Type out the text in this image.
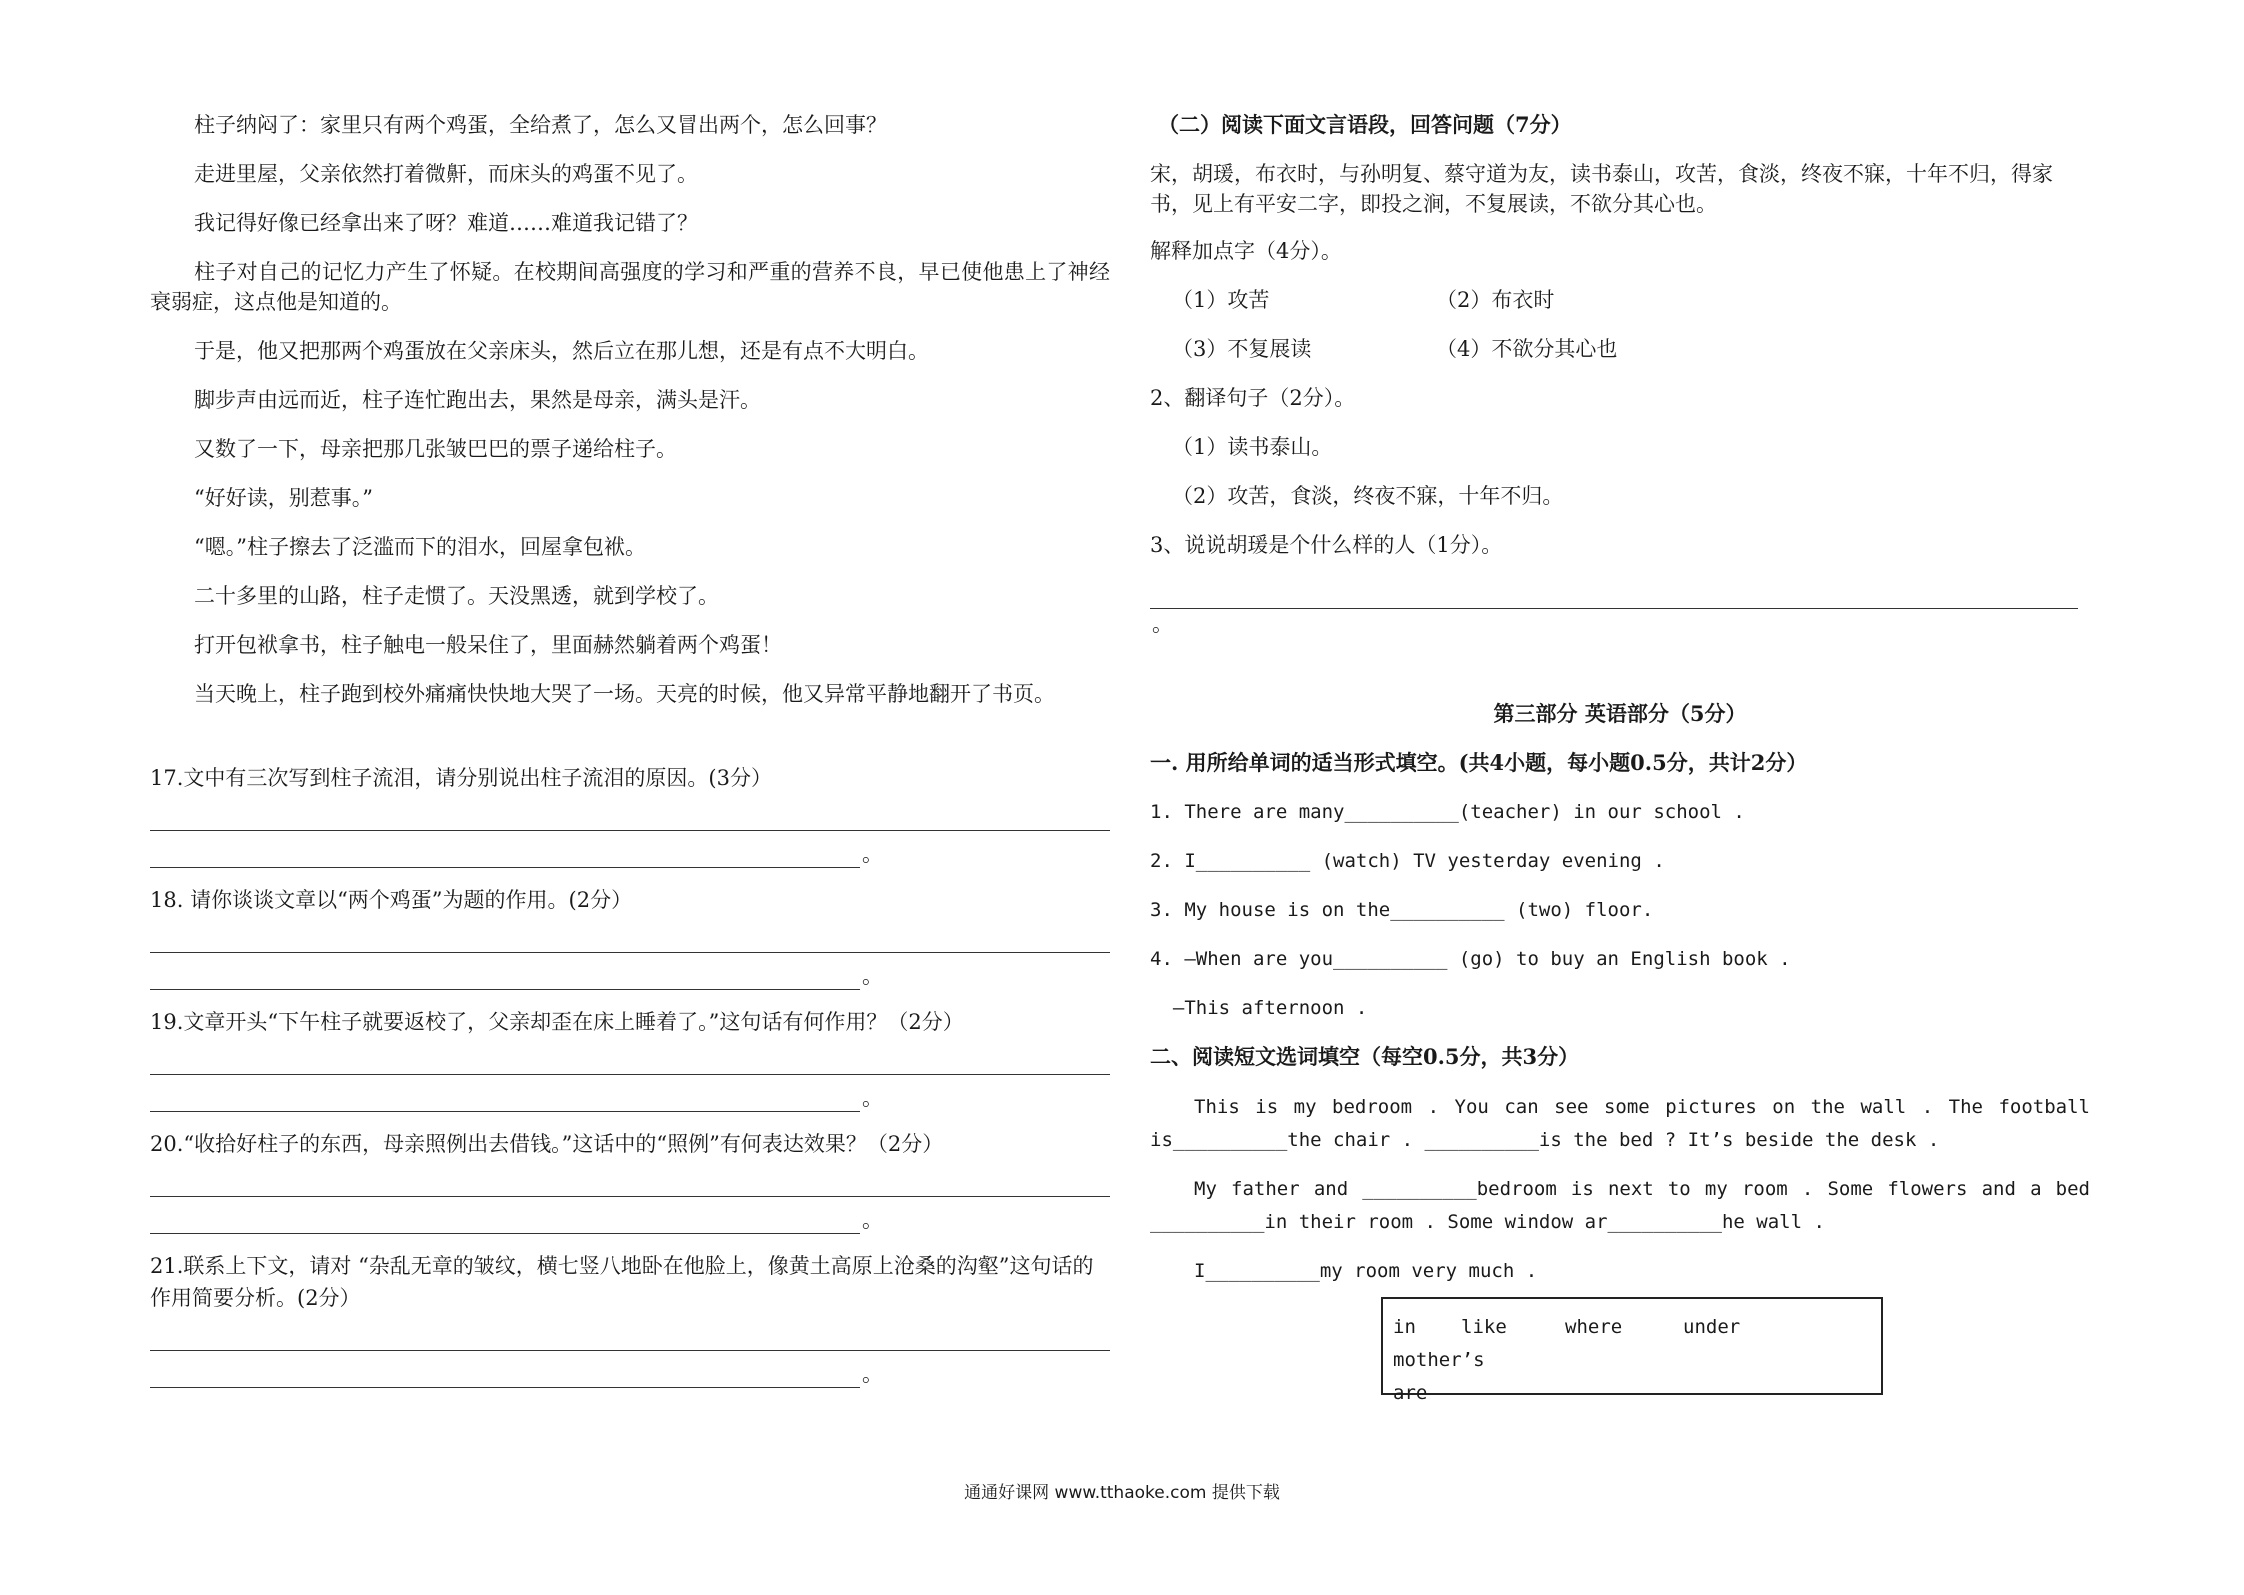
柱子纳闷了：家里只有两个鸡蛋，全给煮了，怎么又冒出两个，怎么回事？

走进里屋，父亲依然打着微鼾，而床头的鸡蛋不见了。

我记得好像已经拿出来了呀？难道……难道我记错了？

柱子对自己的记忆力产生了怀疑。在校期间高强度的学习和严重的营养不良，早已使他患上了神经衰弱症，这点他是知道的。

于是，他又把那两个鸡蛋放在父亲床头，然后立在那儿想，还是有点不大明白。

脚步声由远而近，柱子连忙跑出去，果然是母亲，满头是汗。

又数了一下，母亲把那几张皱巴巴的票子递给柱子。

“好好读，别惹事。”

“嗯。”柱子擦去了泛滥而下的泪水，回屋拿包袱。

二十多里的山路，柱子走惯了。天没黑透，就到学校了。

打开包袱拿书，柱子触电一般呆住了，里面赫然躺着两个鸡蛋！

当天晚上，柱子跑到校外痛痛快快地大哭了一场。天亮的时候，他又异常平静地翻开了书页。

17.文中有三次写到柱子流泪，请分别说出柱子流泪的原因。(3分）
。
18. 请你谈谈文章以“两个鸡蛋”为题的作用。(2分）
。
19.文章开头“下午柱子就要返校了，父亲却歪在床上睡着了。”这句话有何作用？（2分）
。
20.“收拾好柱子的东西，母亲照例出去借钱。”这话中的“照例”有何表达效果？（2分）
。
21.联系上下文，请对 “杂乱无章的皱纹，横七竖八地卧在他脸上，像黄土高原上沧桑的沟壑”这句话的作用简要分析。(2分）
。
（二）阅读下面文言语段，回答问题（7分）

宋，胡瑗，布衣时，与孙明复、蔡守道为友，读书泰山，攻苦，食淡，终夜不寐，十年不归，得家书，见上有平安二字，即投之涧，不复展读，不欲分其心也。

解释加点字（4分）。
（1）攻苦	（2）布衣时
（3）不复展读	（4）不欲分其心也
2、翻译句子（2分）。
（1）读书泰山。
（2）攻苦，食淡，终夜不寐，十年不归。
3、说说胡瑗是个什么样的人（1分）。
。
第三部分 英语部分（5分）
一. 用所给单词的适当形式填空。(共4小题，每小题0.5分，共计2分）
1. There are many__________(teacher) in our school .
2. I__________ (watch) TV yesterday evening .
3. My house is on the__________ (two) floor.
4. —When are you__________ (go) to buy an English book .
—This afternoon .
二、阅读短文选词填空（每空0.5分，共3分）

This is my bedroom . You can see some pictures on the wall . The football is__________the chair . __________is the bed ? It’s beside the desk .

My father and __________bedroom is next to my room . Some flowers and a bed __________in their room . Some window ar__________he wall .

I__________my room very much .

in like	where	undermother’s
are
通通好课网 www.tthaoke.com 提供下载
